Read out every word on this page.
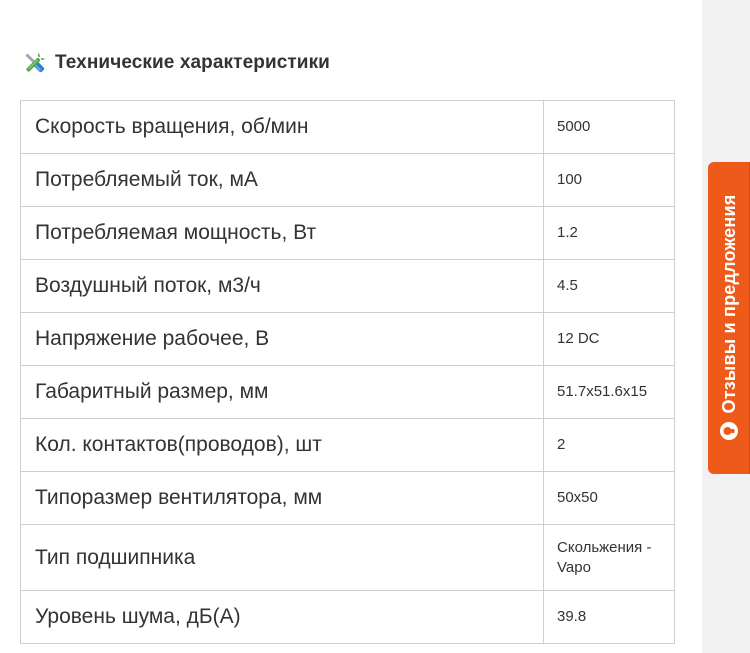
Технические характеристики
Скорость вращения, об/мин	5000
Потребляемый ток, мА	100
Потребляемая мощность, Вт	1.2
Воздушный поток, м3/ч	4.5
Напряжение рабочее, В	12 DC
Габаритный размер, мм	51.7x51.6x15
Кол. контактов(проводов), шт	2
Типоразмер вентилятора, мм	50x50
Тип подшипника	Скольжения - Vapo
Уровень шума, дБ(А)	39.8
Отзывы и предложения
